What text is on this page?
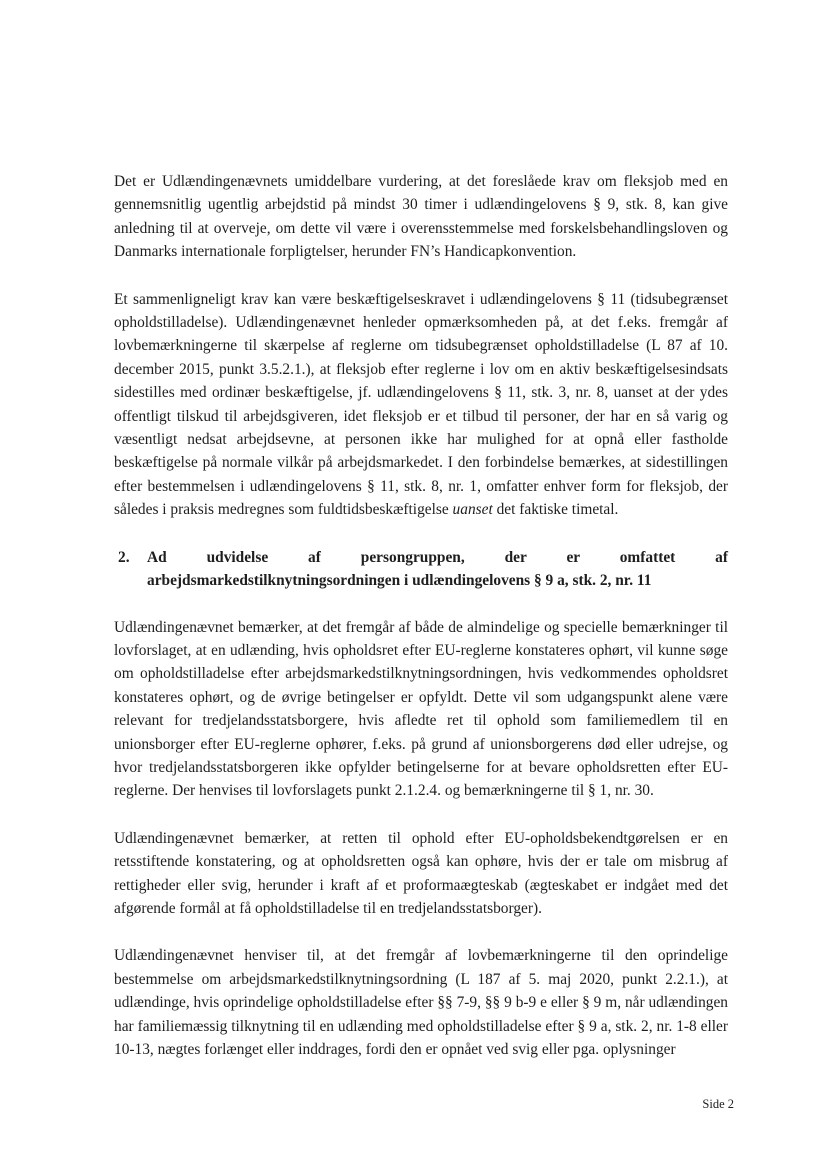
Det er Udlændingenævnets umiddelbare vurdering, at det foreslåede krav om fleksjob med en gennemsnitlig ugentlig arbejdstid på mindst 30 timer i udlændingelovens § 9, stk. 8, kan give anledning til at overveje, om dette vil være i overensstemmelse med forskelsbehandlingsloven og Danmarks internationale forpligtelser, herunder FN’s Handicapkonvention.

Et sammenligneligt krav kan være beskæftigelseskravet i udlændingelovens § 11 (tidsubegrænset opholdstilladelse). Udlændingenævnet henleder opmærksomheden på, at det f.eks. fremgår af lovbemærkningerne til skærpelse af reglerne om tidsubegrænset opholdstilladelse (L 87 af 10. december 2015, punkt 3.5.2.1.), at fleksjob efter reglerne i lov om en aktiv beskæftigelsesindsats sidestilles med ordinær beskæftigelse, jf. udlændingelovens § 11, stk. 3, nr. 8, uanset at der ydes offentligt tilskud til arbejdsgiveren, idet fleksjob er et tilbud til personer, der har en så varig og væsentligt nedsat arbejdsevne, at personen ikke har mulighed for at opnå eller fastholde beskæftigelse på normale vilkår på arbejdsmarkedet. I den forbindelse bemærkes, at sidestillingen efter bestemmelsen i udlændingelovens § 11, stk. 8, nr. 1, omfatter enhver form for fleksjob, der således i praksis medregnes som fuldtidsbeskæftigelse uanset det faktiske timetal.

2.	Ad udvidelse af persongruppen, der er omfattet af arbejdsmarkedstilknytningsordningen i udlændingelovens § 9 a, stk. 2, nr. 11

Udlændingenævnet bemærker, at det fremgår af både de almindelige og specielle bemærkninger til lovforslaget, at en udlænding, hvis opholdsret efter EU-reglerne konstateres ophørt, vil kunne søge om opholdstilladelse efter arbejdsmarkedstilknytningsordningen, hvis vedkommendes opholdsret konstateres ophørt, og de øvrige betingelser er opfyldt. Dette vil som udgangspunkt alene være relevant for tredjelandsstatsborgere, hvis afledte ret til ophold som familiemedlem til en unionsborger efter EU-reglerne ophører, f.eks. på grund af unionsborgerens død eller udrejse, og hvor tredjelandsstatsborgeren ikke opfylder betingelserne for at bevare opholdsretten efter EU-reglerne. Der henvises til lovforslagets punkt 2.1.2.4. og bemærkningerne til § 1, nr. 30.

Udlændingenævnet bemærker, at retten til ophold efter EU-opholdsbekendtgørelsen er en retsstiftende konstatering, og at opholdsretten også kan ophøre, hvis der er tale om misbrug af rettigheder eller svig, herunder i kraft af et proformaægteskab (ægteskabet er indgået med det afgørende formål at få opholdstilladelse til en tredjelandsstatsborger).

Udlændingenævnet henviser til, at det fremgår af lovbemærkningerne til den oprindelige bestemmelse om arbejdsmarkedstilknytningsordning (L 187 af 5. maj 2020, punkt 2.2.1.), at udlændinge, hvis oprindelige opholdstilladelse efter §§ 7-9, §§ 9 b-9 e eller § 9 m, når udlændingen har familiemæssig tilknytning til en udlænding med opholdstilladelse efter § 9 a, stk. 2, nr. 1-8 eller 10-13, nægtes forlænget eller inddrages, fordi den er opnået ved svig eller pga. oplysninger

Side 2
